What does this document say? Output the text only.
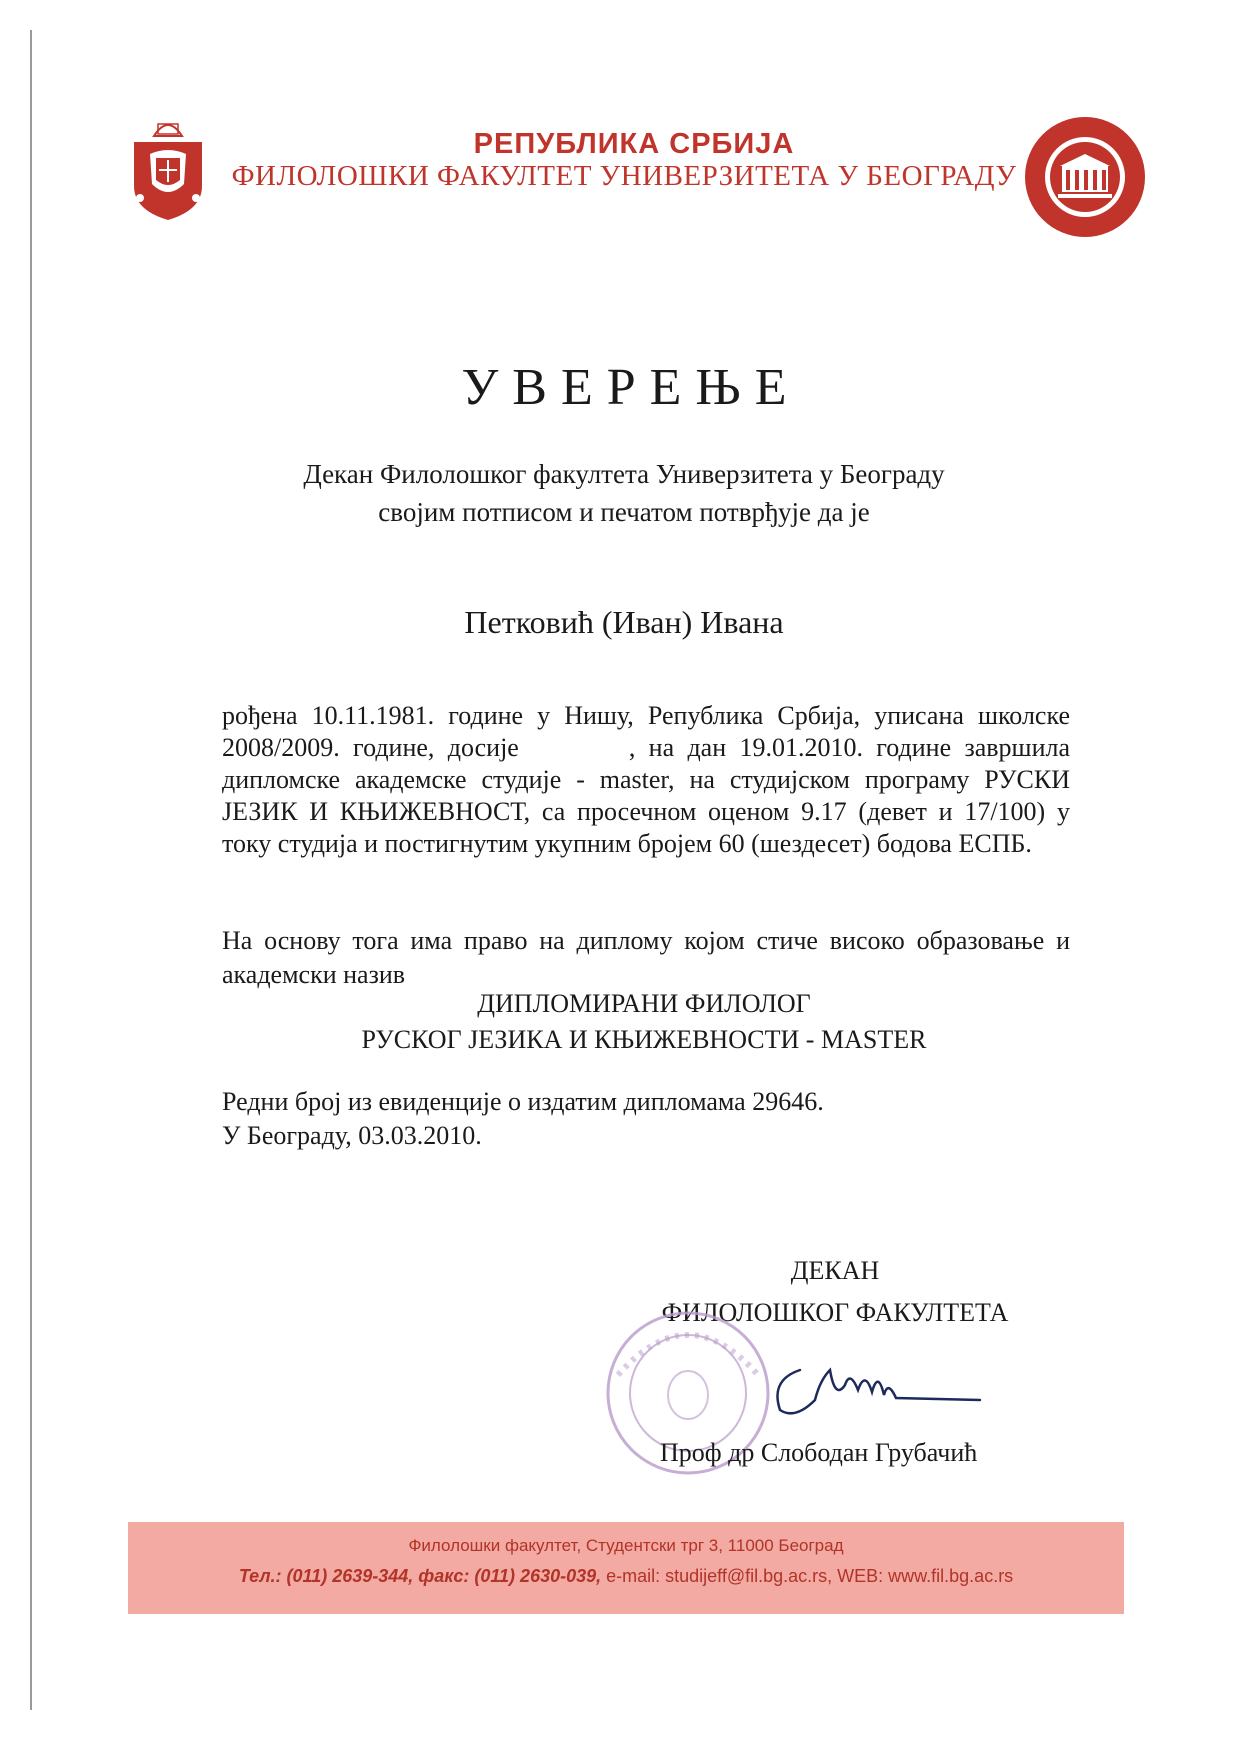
РЕПУБЛИКА СРБИЈА
ФИЛОЛОШКИ ФАКУЛТЕТ УНИВЕРЗИТЕТА У БЕОГРАДУ
УВЕРЕЊЕ
Декан Филолошког факултета Универзитета у Београду
својим потписом и печатом потврђује да је
Петковић (Иван) Ивана
рођена 10.11.1981. године у Нишу, Република Србија, уписана школске 2008/2009. године, досије	, на дан 19.01.2010. године завршила дипломске академске студије - master, на студијском програму РУСКИ ЈЕЗИК И КЊИЖЕВНОСТ, са просечном оценом 9.17 (девет и 17/100) у току студија и постигнутим укупним бројем 60 (шездесет) бодова ЕСПБ.
На основу тога има право на диплому којом стиче високо образовање и академски назив
ДИПЛОМИРАНИ ФИЛОЛОГ
РУСКОГ ЈЕЗИКА И КЊИЖЕВНОСТИ - MASTER
Редни број из евиденције о издатим дипломама 29646.
У Београду, 03.03.2010.
ДЕКАН
ФИЛОЛОШКОГ ФАКУЛТЕТА
Проф др Слободан Грубачић
Филолошки факултет, Студентски трг 3, 11000 Београд
Тел.: (011) 2639-344, факс: (011) 2630-039, e-mail: studijeff@fil.bg.ac.rs, WEB: www.fil.bg.ac.rs
